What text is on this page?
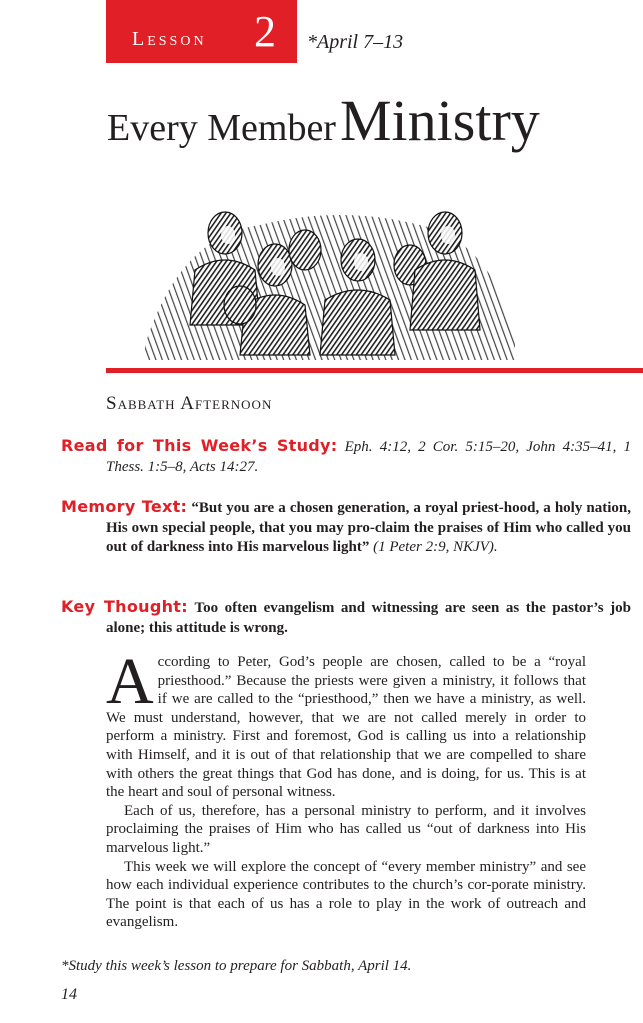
Lesson 2 *April 7–13
Every Member Ministry
Sabbath Afternoon
Read for This Week’s Study: Eph. 4:12, 2 Cor. 5:15–20, John 4:35–41, 1 Thess. 1:5–8, Acts 14:27.
Memory Text: “But you are a chosen generation, a royal priest-hood, a holy nation, His own special people, that you may pro-claim the praises of Him who called you out of darkness into His marvelous light” (1 Peter 2:9, NKJV).
Key Thought: Too often evangelism and witnessing are seen as the pastor’s job alone; this attitude is wrong.

According to Peter, God’s people are chosen, called to be a “royal priesthood.” Because the priests were given a ministry, it follows that if we are called to the “priesthood,” then we have a ministry, as well. We must understand, however, that we are not called merely in order to perform a ministry. First and foremost, God is calling us into a relationship with Himself, and it is out of that relationship that we are compelled to share with others the great things that God has done, and is doing, for us. This is at the heart and soul of personal witness.

Each of us, therefore, has a personal ministry to perform, and it involves proclaiming the praises of Him who has called us “out of darkness into His marvelous light.”

This week we will explore the concept of “every member ministry” and see how each individual experience contributes to the church’s cor-porate ministry. The point is that each of us has a role to play in the work of outreach and evangelism.

*Study this week’s lesson to prepare for Sabbath, April 14.
14
